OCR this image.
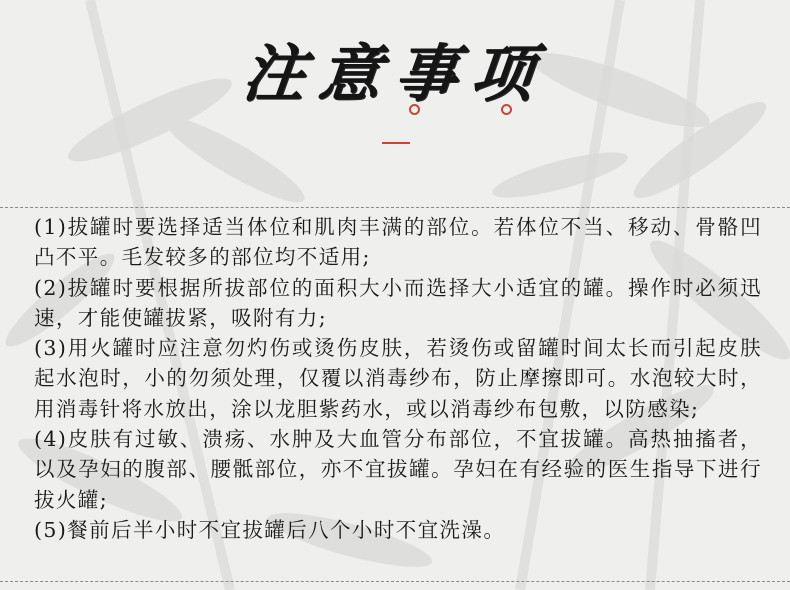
注意事项

(1)拔罐时要选择适当体位和肌肉丰满的部位。若体位不当、移动、骨骼凹凸不平。毛发较多的部位均不适用;

(2)拔罐时要根据所拔部位的面积大小而选择大小适宜的罐。操作时必须迅速，才能使罐拔紧，吸附有力;

(3)用火罐时应注意勿灼伤或烫伤皮肤，若烫伤或留罐时间太长而引起皮肤起水泡时，小的勿须处理，仅覆以消毒纱布，防止摩擦即可。水泡较大时，用消毒针将水放出，涂以龙胆紫药水，或以消毒纱布包敷，以防感染;

(4)皮肤有过敏、溃疡、水肿及大血管分布部位，不宜拔罐。高热抽搐者，以及孕妇的腹部、腰骶部位，亦不宜拔罐。孕妇在有经验的医生指导下进行拔火罐;

(5)餐前后半小时不宜拔罐后八个小时不宜洗澡。
